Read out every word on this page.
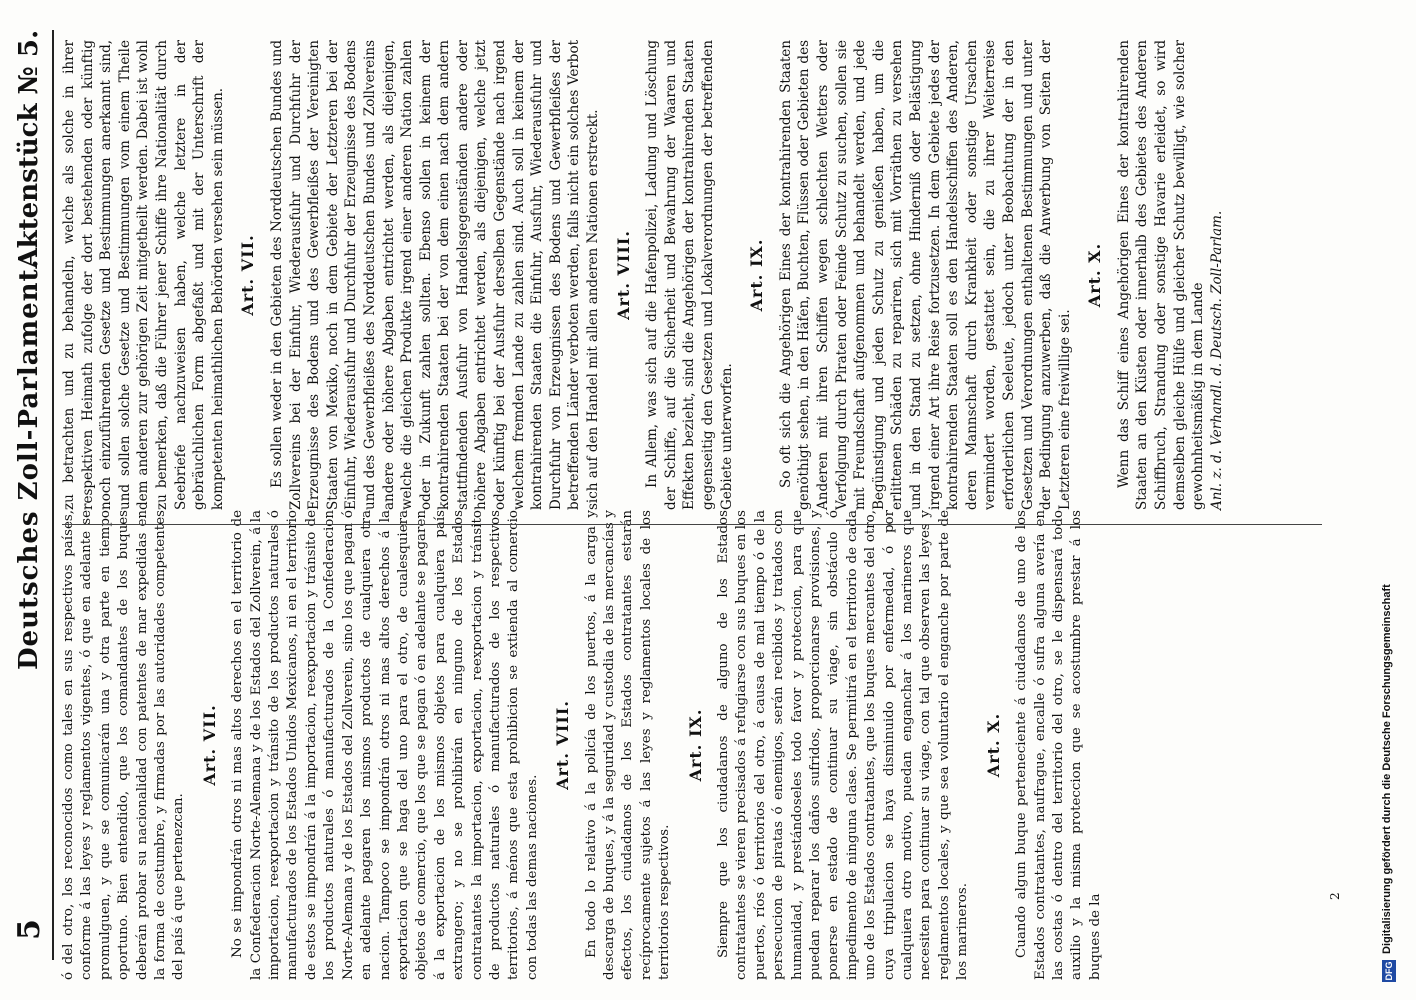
5
Deutsches Zoll-Parlament.
Aktenstück № 5.

ó del otro, los reconocidos como tales en sus respectivos países, conforme á las leyes y reglamentos vigentes, ó que en adelante se promulguen, y que se comunicarán una y otra parte en tiempo oportuno. Bien entendido, que los comandantes de los buques deberán probar su nacionalidad con patentes de mar expedidas en la forma de costumbre, y firmadas por las autoridades competentes del país á que pertenezcan.

Art. VII. No se impondrán otros ni mas altos derechos en el territorio de la Confederacion Norte-Alemana y de los Estados del Zollverein, á la importacion, reexportacion y tránsito de los productos naturales ó manufacturados de los Estados Unidos Mexicanos, ni en el territorio de estos se impondrán á la importacion, reexportacion y tránsito de los productos naturales ó manufacturados de la Confederacion Norte-Alemana y de los Estados del Zollverein, sino los que pagan ó en adelante pagaren los mismos productos de cualquiera otra nacion. Tampoco se impondrán otros ni mas altos derechos á la exportacion que se haga del uno para el otro, de cualesquiera objetos de comercio, que los que se pagan ó en adelante se pagaren á la exportacion de los mismos objetos para cualquiera país extrangero; y no se prohibirán en ninguno de los Estados contratantes la importacion, exportacion, reexportacion y tránsito de productos naturales ó manufacturados de los respectivos territorios, á ménos que esta prohibicion se extienda al comercio con todas las demas naciones.

Art. VIII. En todo lo relativo á la policía de los puertos, á la carga y descarga de buques, y á la seguridad y custodia de las mercancías y efectos, los ciudadanos de los Estados contratantes estarán recíprocamente sujetos á las leyes y reglamentos locales de los territorios respectivos.

Art. IX. Siempre que los ciudadanos de alguno de los Estados contratantes se vieren precisados á refugiarse con sus buques en los puertos, ríos ó territorios del otro, á causa de mal tiempo ó de la persecucion de piratas ó enemigos, serán recibidos y tratados con humanidad, y prestándoseles todo favor y proteccion, para que puedan reparar los daños sufridos, proporcionarse provisiones, y ponerse en estado de continuar su viage, sin obstáculo ó impedimento de ninguna clase. Se permitirá en el territorio de cada uno de los Estados contratantes, que los buques mercantes del otro, cuya tripulacion se haya disminuido por enfermedad, ó por cualquiera otro motivo, puedan enganchar á los marineros que necesiten para continuar su viage, con tal que observen las leyes y reglamentos locales, y que sea voluntario el enganche por parte de los marineros.

Art. X. Cuando algun buque perteneciente á ciudadanos de uno de los Estados contratantes, naufrague, encalle ó sufra alguna avería en las costas ó dentro del territorio del otro, se le dispensará todo auxilio y la misma proteccion que se acostumbre prestar á los buques de la

zu betrachten und zu behandeln, welche als solche in ihrer respektiven Heimath zufolge der dort bestehenden oder künftig noch einzuführenden Gesetze und Bestimmungen anerkannt sind, und sollen solche Gesetze und Bestimmungen vom einem Theile dem anderen zur gehörigen Zeit mitgetheilt werden. Dabei ist wohl zu bemerken, daß die Führer jener Schiffe ihre Nationalität durch Seebriefe nachzuweisen haben, welche letztere in der gebräuchlichen Form abgefaßt und mit der Unterschrift der kompetenten heimathlichen Behörden versehen sein müssen. Art. VII. Es sollen weder in den Gebieten des Norddeutschen Bundes und Zollvereins bei der Einfuhr, Wiederausfuhr und Durchfuhr der Erzeugnisse des Bodens und des Gewerbfleißes der Vereinigten Staaten von Mexiko, noch in dem Gebiete der Letzteren bei der Einfuhr, Wiederausfuhr und Durchfuhr der Erzeugnisse des Bodens und des Gewerbfleißes des Norddeutschen Bundes und Zollvereins andere oder höhere Abgaben entrichtet werden, als diejenigen, welche die gleichen Produkte irgend einer anderen Nation zahlen oder in Zukunft zahlen sollten. Ebenso sollen in keinem der kontrahirenden Staaten bei der von dem einen nach dem andern stattfindenden Ausfuhr von Handelsgegenständen andere oder höhere Abgaben entrichtet werden, als diejenigen, welche jetzt oder künftig bei der Ausfuhr derselben Gegenstände nach irgend welchem fremden Lande zu zahlen sind. Auch soll in keinem der kontrahirenden Staaten die Einfuhr, Ausfuhr, Wiederausfuhr und Durchfuhr von Erzeugnissen des Bodens und Gewerbfleißes der betreffenden Länder verboten werden, falls nicht ein solches Verbot sich auf den Handel mit allen anderen Nationen erstreckt. Art. VIII. In Allem, was sich auf die Hafenpolizei, Ladung und Löschung der Schiffe, auf die Sicherheit und Bewahrung der Waaren und Effekten bezieht, sind die Angehörigen der kontrahirenden Staaten gegenseitig den Gesetzen und Lokalverordnungen der betreffenden Gebiete unterworfen.

Art. IX. So oft sich die Angehörigen Eines der kontrahirenden Staaten genöthigt sehen, in den Häfen, Buchten, Flüssen oder Gebieten des Anderen mit ihren Schiffen wegen schlechten Wetters oder Verfolgung durch Piraten oder Feinde Schutz zu suchen, sollen sie mit Freundschaft aufgenommen und behandelt werden, und jede Begünstigung und jeden Schutz zu genießen haben, um die erlittenen Schäden zu repariren, sich mit Vorräthen zu versehen und in den Stand zu setzen, ohne Hinderniß oder Belästigung irgend einer Art ihre Reise fortzusetzen. In dem Gebiete jedes der kontrahirenden Staaten soll es den Handelsschiffen des Anderen, deren Mannschaft durch Krankheit oder sonstige Ursachen vermindert worden, gestattet sein, die zu ihrer Weiterreise erforderlichen Seeleute, jedoch unter Beobachtung der in den Gesetzen und Verordnungen enthaltenen Bestimmungen und unter der Bedingung anzuwerben, daß die Anwerbung von Seiten der Letzteren eine freiwillige sei.

Art. X. Wenn das Schiff eines Angehörigen Eines der kontrahirenden Staaten an den Küsten oder innerhalb des Gebietes des Anderen Schiffbruch, Strandung oder sonstige Havarie erleidet, so wird demselben gleiche Hülfe und gleicher Schutz bewilligt, wie solcher gewohnheitsmäßig in dem Lande Anl. z. d. Verhandl. d. Deutsch. Zoll-Parlam.

2
DFG
Digitalisierung gefördert durch die Deutsche Forschungsgemeinschaft
